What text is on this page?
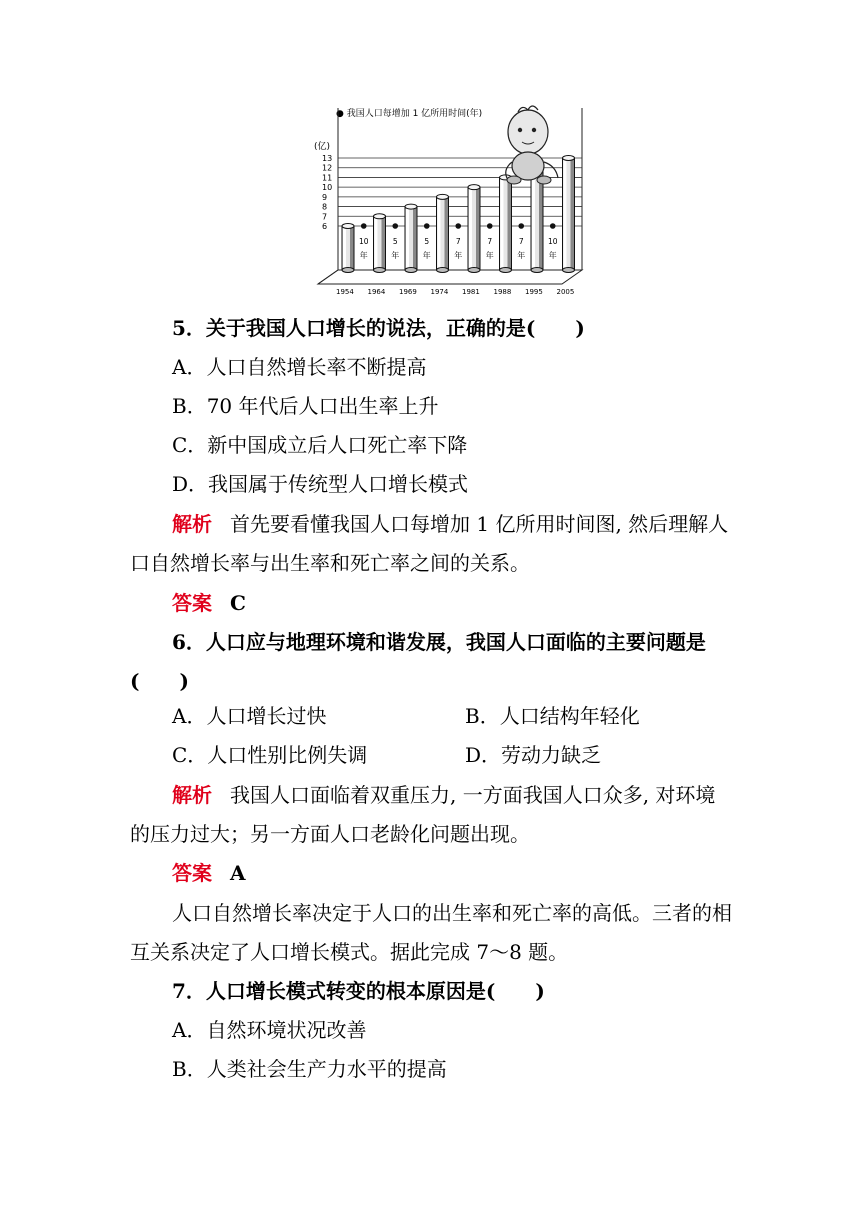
● 我国人口每增加 1 亿所用时间(年)
(亿)
13
12
11
10
9
8
7
6
1954 1964 1969 1974 1981 1988 1995 2005
10
年
5
年
5
年
7
年
7
年
7
年
10
年
5．关于我国人口增长的说法，正确的是(　　)
A．人口自然增长率不断提高
B．70 年代后人口出生率上升
C．新中国成立后人口死亡率下降
D．我国属于传统型人口增长模式
解析 首先要看懂我国人口每增加 1 亿所用时间图, 然后理解人
口自然增长率与出生率和死亡率之间的关系。
答案 C
6．人口应与地理环境和谐发展，我国人口面临的主要问题是
(　　)
A．人口增长过快	B．人口结构年轻化
C．人口性别比例失调	D．劳动力缺乏
解析 我国人口面临着双重压力, 一方面我国人口众多, 对环境
的压力过大；另一方面人口老龄化问题出现。
答案 A
人口自然增长率决定于人口的出生率和死亡率的高低。三者的相
互关系决定了人口增长模式。据此完成 7～8 题。
7．人口增长模式转变的根本原因是(　　)
A．自然环境状况改善
B．人类社会生产力水平的提高
